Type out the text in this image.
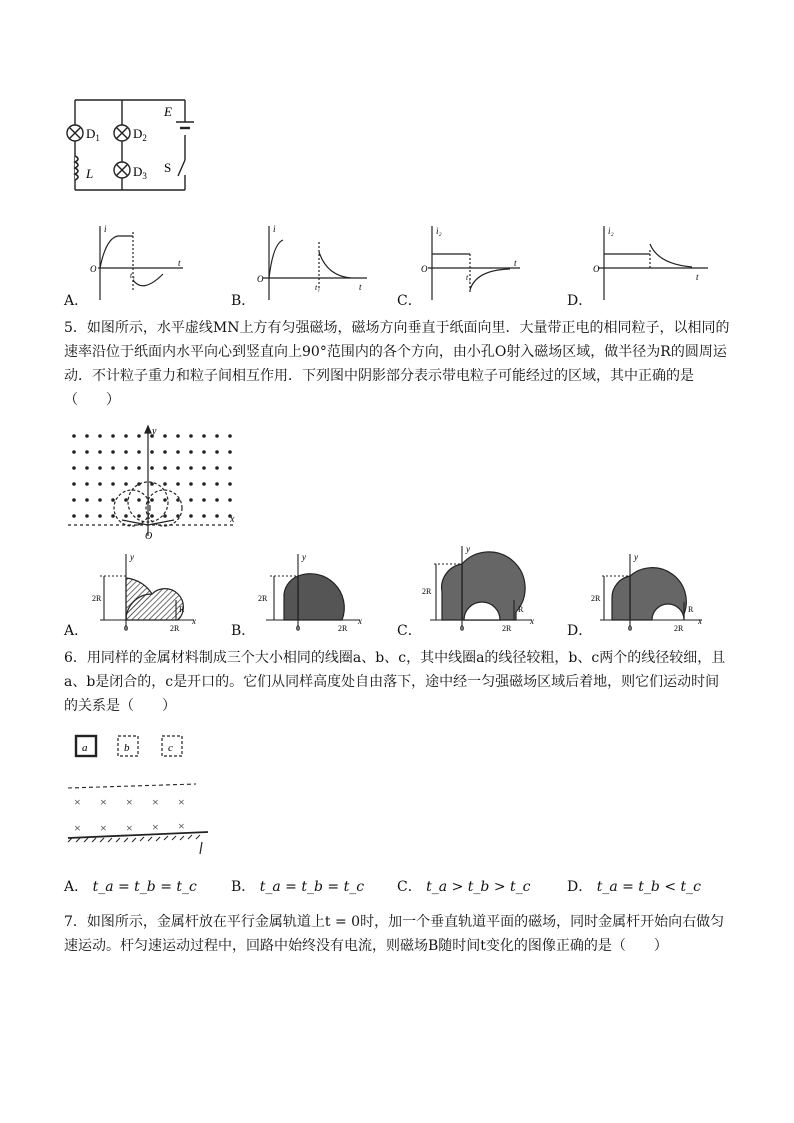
$D_1$	$D_2$
$D_3$
L
E
S
A．
O
t
i
t₁
B．
O
t
i
t₁
C．
O
t
i₂
t₁
D．
O
t
i₂

5．如图所示，水平虚线MN上方有匀强磁场，磁场方向垂直于纸面向里．大量带正电的相同粒子，以相同的速率沿位于纸面内水平向心到竖直向上90°范围内的各个方向，由小孔O射入磁场区域，做半径为R的圆周运动．不计粒子重力和粒子间相互作用．下列图中阴影部分表示带电粒子可能经过的区域，其中正确的是

（　　）

y
x
O
A．
y
x
2R
R
0	2R	B．
y
x
2R
0	2R	C．
y
x
2R
R
0	2R	D．
y
x
2R
R
0	2R

6．用同样的金属材料制成三个大小相同的线圈a、b、c，其中线圈a的线径较粗，b、c两个的线径较细，且a、b是闭合的，c是开口的。它们从同样高度处自由落下，途中经一匀强磁场区域后着地，则它们运动时间的关系是（　　）

a	b	c
× × × × ×
× × × × ×
A． t_a = t_b = t_c B． t_a = t_b = t_c C． t_a > t_b > t_c	D． t_a = t_b < t_c

7．如图所示，金属杆放在平行金属轨道上t = 0时，加一个垂直轨道平面的磁场，同时金属杆开始向右做匀速运动。杆匀速运动过程中，回路中始终没有电流，则磁场B随时间t变化的图像正确的是（　　）
